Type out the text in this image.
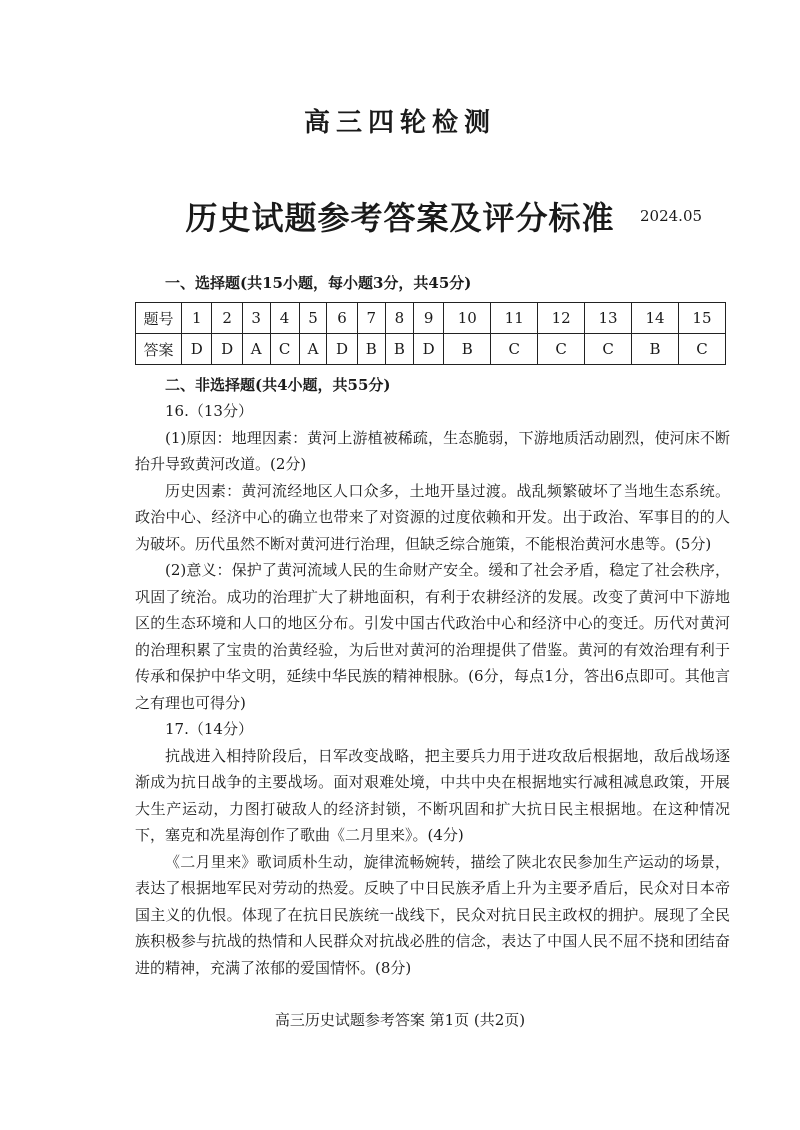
高三四轮检测
历史试题参考答案及评分标准	2024.05
一、选择题(共15小题，每小题3分，共45分)
题号	1	2	3	4	5	6	7	8	9	10	11	12	13	14	15
答案	D	D	A	C	A	D	B	B	D	B	C	C	C	B	C
二、非选择题(共4小题，共55分)

16.（13分）

(1)原因：地理因素：黄河上游植被稀疏，生态脆弱，下游地质活动剧烈，使河床不断抬升导致黄河改道。(2分)

历史因素：黄河流经地区人口众多，土地开垦过渡。战乱频繁破坏了当地生态系统。政治中心、经济中心的确立也带来了对资源的过度依赖和开发。出于政治、军事目的的人为破坏。历代虽然不断对黄河进行治理，但缺乏综合施策，不能根治黄河水患等。(5分)

(2)意义：保护了黄河流域人民的生命财产安全。缓和了社会矛盾，稳定了社会秩序，巩固了统治。成功的治理扩大了耕地面积，有利于农耕经济的发展。改变了黄河中下游地区的生态环境和人口的地区分布。引发中国古代政治中心和经济中心的变迁。历代对黄河的治理积累了宝贵的治黄经验，为后世对黄河的治理提供了借鉴。黄河的有效治理有利于传承和保护中华文明，延续中华民族的精神根脉。(6分，每点1分，答出6点即可。其他言之有理也可得分)

17.（14分）

抗战进入相持阶段后，日军改变战略，把主要兵力用于进攻敌后根据地，敌后战场逐渐成为抗日战争的主要战场。面对艰难处境，中共中央在根据地实行减租减息政策，开展大生产运动，力图打破敌人的经济封锁，不断巩固和扩大抗日民主根据地。在这种情况下，塞克和冼星海创作了歌曲《二月里来》。(4分)

《二月里来》歌词质朴生动，旋律流畅婉转，描绘了陕北农民参加生产运动的场景，表达了根据地军民对劳动的热爱。反映了中日民族矛盾上升为主要矛盾后，民众对日本帝国主义的仇恨。体现了在抗日民族统一战线下，民众对抗日民主政权的拥护。展现了全民族积极参与抗战的热情和人民群众对抗战必胜的信念，表达了中国人民不屈不挠和团结奋进的精神，充满了浓郁的爱国情怀。(8分)

高三历史试题参考答案 第1页 (共2页)
